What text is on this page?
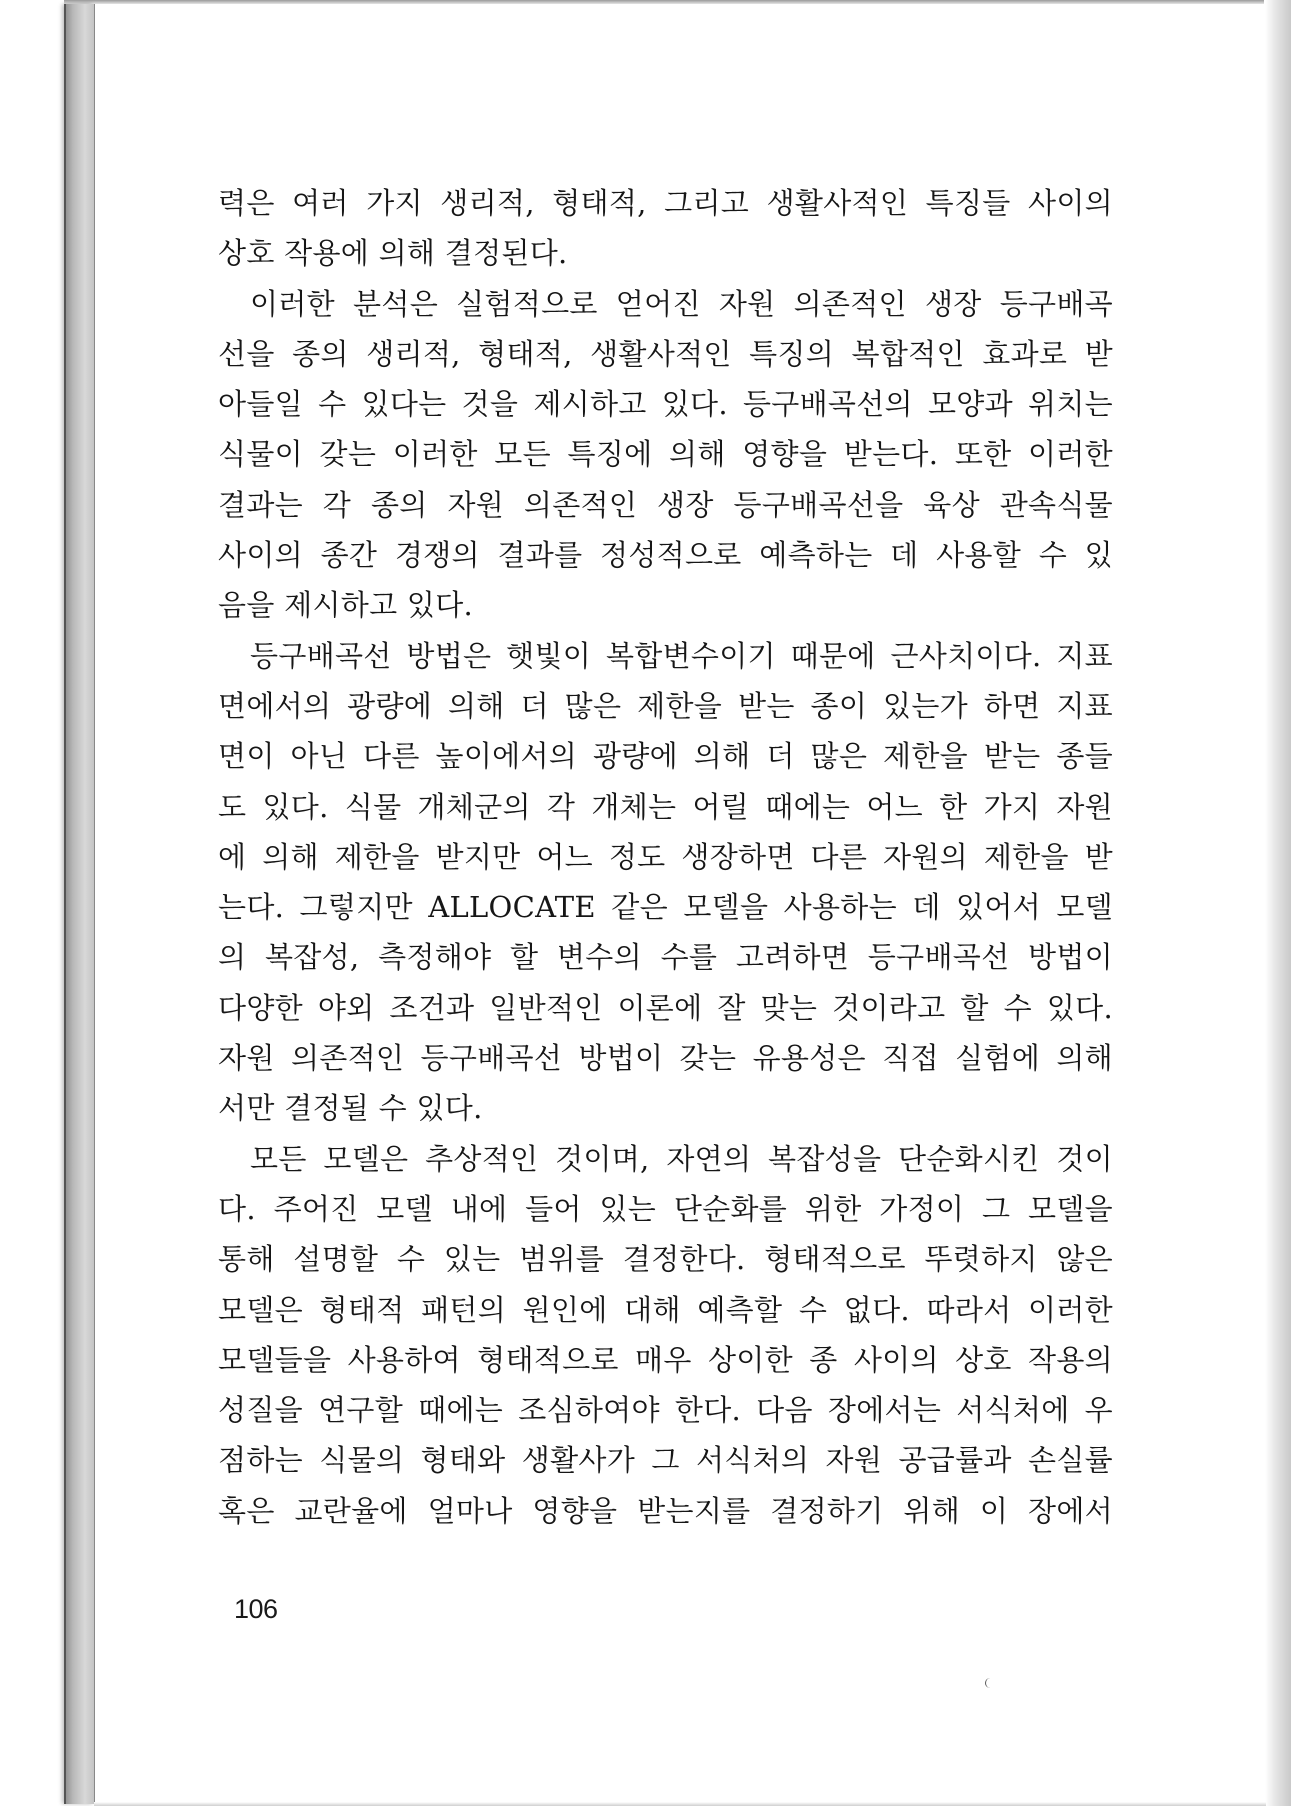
력은 여러 가지 생리적, 형태적, 그리고 생활사적인 특징들 사이의
상호 작용에 의해 결정된다.
이러한 분석은 실험적으로 얻어진 자원 의존적인 생장 등구배곡
선을 종의 생리적, 형태적, 생활사적인 특징의 복합적인 효과로 받
아들일 수 있다는 것을 제시하고 있다. 등구배곡선의 모양과 위치는
식물이 갖는 이러한 모든 특징에 의해 영향을 받는다. 또한 이러한
결과는 각 종의 자원 의존적인 생장 등구배곡선을 육상 관속식물
사이의 종간 경쟁의 결과를 정성적으로 예측하는 데 사용할 수 있
음을 제시하고 있다.
등구배곡선 방법은 햇빛이 복합변수이기 때문에 근사치이다. 지표
면에서의 광량에 의해 더 많은 제한을 받는 종이 있는가 하면 지표
면이 아닌 다른 높이에서의 광량에 의해 더 많은 제한을 받는 종들
도 있다. 식물 개체군의 각 개체는 어릴 때에는 어느 한 가지 자원
에 의해 제한을 받지만 어느 정도 생장하면 다른 자원의 제한을 받
는다. 그렇지만 ALLOCATE 같은 모델을 사용하는 데 있어서 모델
의 복잡성, 측정해야 할 변수의 수를 고려하면 등구배곡선 방법이
다양한 야외 조건과 일반적인 이론에 잘 맞는 것이라고 할 수 있다.
자원 의존적인 등구배곡선 방법이 갖는 유용성은 직접 실험에 의해
서만 결정될 수 있다.
모든 모델은 추상적인 것이며, 자연의 복잡성을 단순화시킨 것이
다. 주어진 모델 내에 들어 있는 단순화를 위한 가정이 그 모델을
통해 설명할 수 있는 범위를 결정한다. 형태적으로 뚜렷하지 않은
모델은 형태적 패턴의 원인에 대해 예측할 수 없다. 따라서 이러한
모델들을 사용하여 형태적으로 매우 상이한 종 사이의 상호 작용의
성질을 연구할 때에는 조심하여야 한다. 다음 장에서는 서식처에 우
점하는 식물의 형태와 생활사가 그 서식처의 자원 공급률과 손실률
혹은 교란율에 얼마나 영향을 받는지를 결정하기 위해 이 장에서
106
